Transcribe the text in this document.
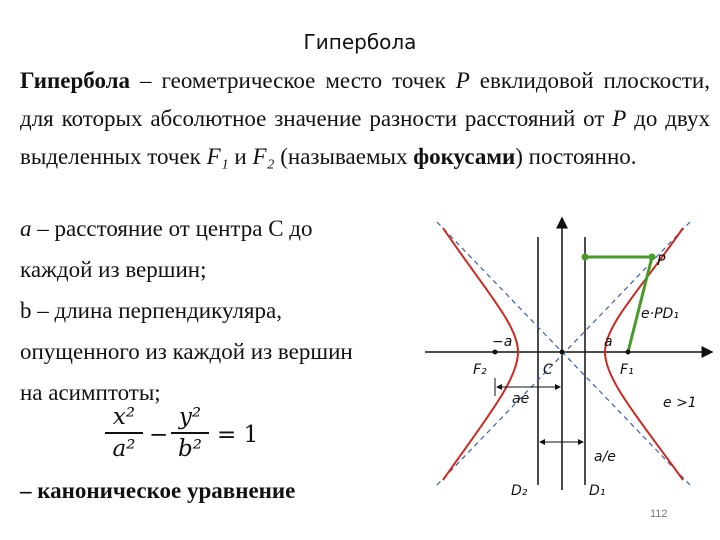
Гипербола
Гипербола – геометрическое место точек P евклидовой плоскости, для которых абсолютное значение разности расстояний от P до двух выделенных точек F₁ и F₂ (называемых фокусами) постоянно.
a – расстояние от центра C до каждой из вершин;
b – длина перпендикуляра, опущенного из каждой из вершин на асимптоты;
x²
a²
−
y²
b²
= 1
– каноническое уравнение
P
e·PD₁
−a	a
F₂	C	F₁
ae	e >1
a/e
D₂	D₁
112
